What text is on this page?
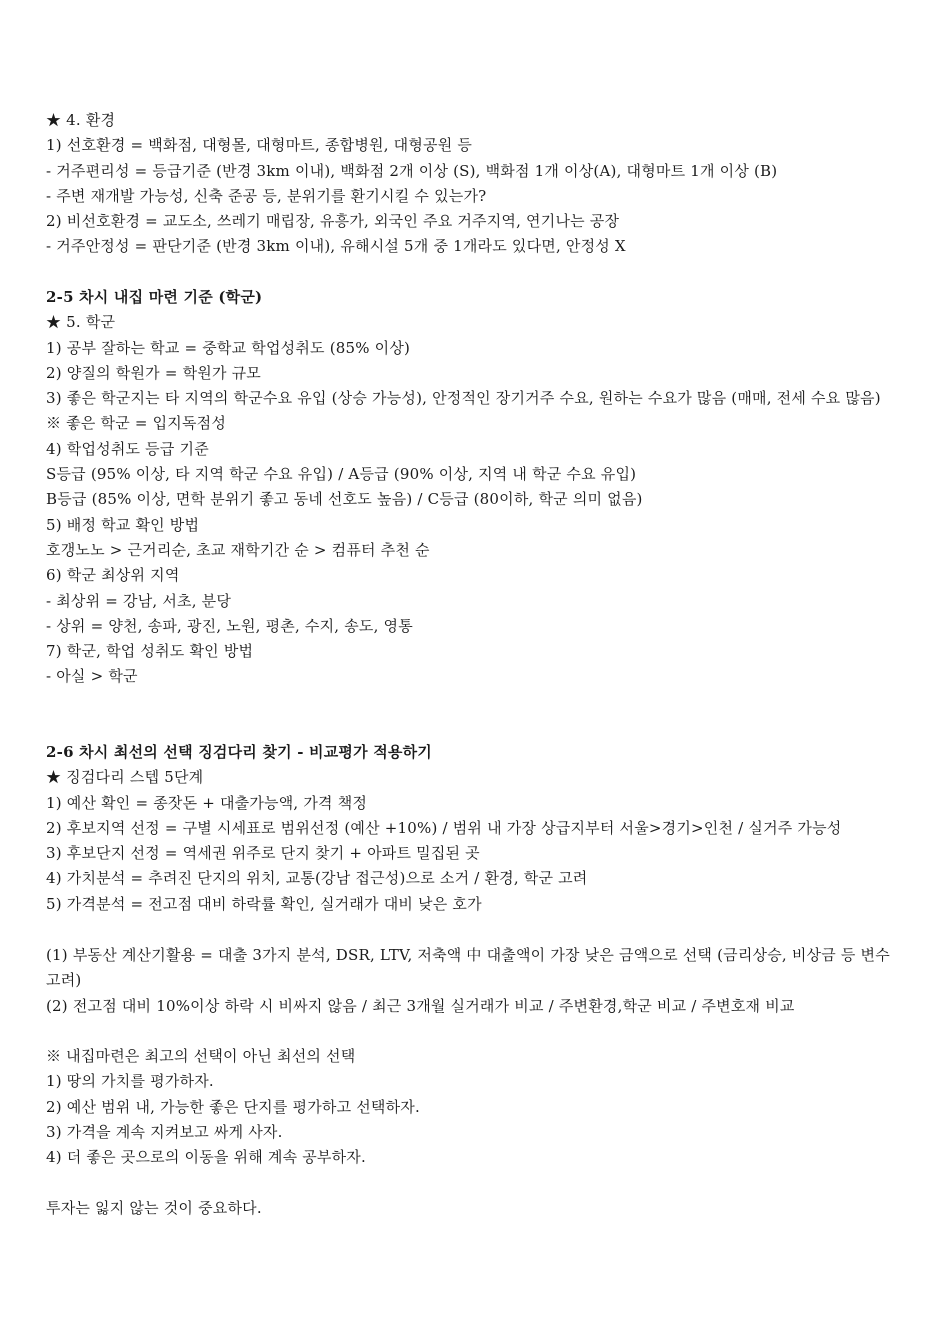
★ 4. 환경
1) 선호환경 = 백화점, 대형몰, 대형마트, 종합병원, 대형공원 등
- 거주편리성 = 등급기준 (반경 3km 이내), 백화점 2개 이상 (S), 백화점 1개 이상(A), 대형마트 1개 이상 (B)
- 주변 재개발 가능성, 신축 준공 등, 분위기를 환기시킬 수 있는가?
2) 비선호환경 = 교도소, 쓰레기 매립장, 유흥가, 외국인 주요 거주지역, 연기나는 공장
- 거주안정성 = 판단기준 (반경 3km 이내), 유해시설 5개 중 1개라도 있다면, 안정성 X
2-5 차시 내집 마련 기준 (학군)
★ 5. 학군
1) 공부 잘하는 학교 = 중학교 학업성취도 (85% 이상)
2) 양질의 학원가 = 학원가 규모
3) 좋은 학군지는 타 지역의 학군수요 유입 (상승 가능성), 안정적인 장기거주 수요, 원하는 수요가 많음 (매매, 전세 수요 많음)
※ 좋은 학군 = 입지독점성
4) 학업성취도 등급 기준
S등급 (95% 이상, 타 지역 학군 수요 유입) / A등급 (90% 이상, 지역 내 학군 수요 유입)
B등급 (85% 이상, 면학 분위기 좋고 동네 선호도 높음) / C등급 (80이하, 학군 의미 없음)
5) 배정 학교 확인 방법
호갱노노 > 근거리순, 초교 재학기간 순 > 컴퓨터 추천 순
6) 학군 최상위 지역
- 최상위 = 강남, 서초, 분당
- 상위 = 양천, 송파, 광진, 노원, 평촌, 수지, 송도, 영통
7) 학군, 학업 성취도 확인 방법
- 아실 > 학군
2-6 차시 최선의 선택 징검다리 찾기 - 비교평가 적용하기
★ 징검다리 스텝 5단계
1) 예산 확인 = 종잣돈 + 대출가능액, 가격 책정
2) 후보지역 선정 = 구별 시세표로 범위선정 (예산 +10%) / 범위 내 가장 상급지부터 서울>경기>인천 / 실거주 가능성
3) 후보단지 선정 = 역세권 위주로 단지 찾기 + 아파트 밀집된 곳
4) 가치분석 = 추려진 단지의 위치, 교통(강남 접근성)으로 소거 / 환경, 학군 고려
5) 가격분석 = 전고점 대비 하락률 확인, 실거래가 대비 낮은 호가
(1) 부동산 계산기활용 = 대출 3가지 분석, DSR, LTV, 저축액 中 대출액이 가장 낮은 금액으로 선택 (금리상승, 비상금 등 변수 고려)
(2) 전고점 대비 10%이상 하락 시 비싸지 않음 / 최근 3개월 실거래가 비교 / 주변환경,학군 비교 / 주변호재 비교
※ 내집마련은 최고의 선택이 아닌 최선의 선택
1) 땅의 가치를 평가하자.
2) 예산 범위 내, 가능한 좋은 단지를 평가하고 선택하자.
3) 가격을 계속 지켜보고 싸게 사자.
4) 더 좋은 곳으로의 이동을 위해 계속 공부하자.
투자는 잃지 않는 것이 중요하다.
